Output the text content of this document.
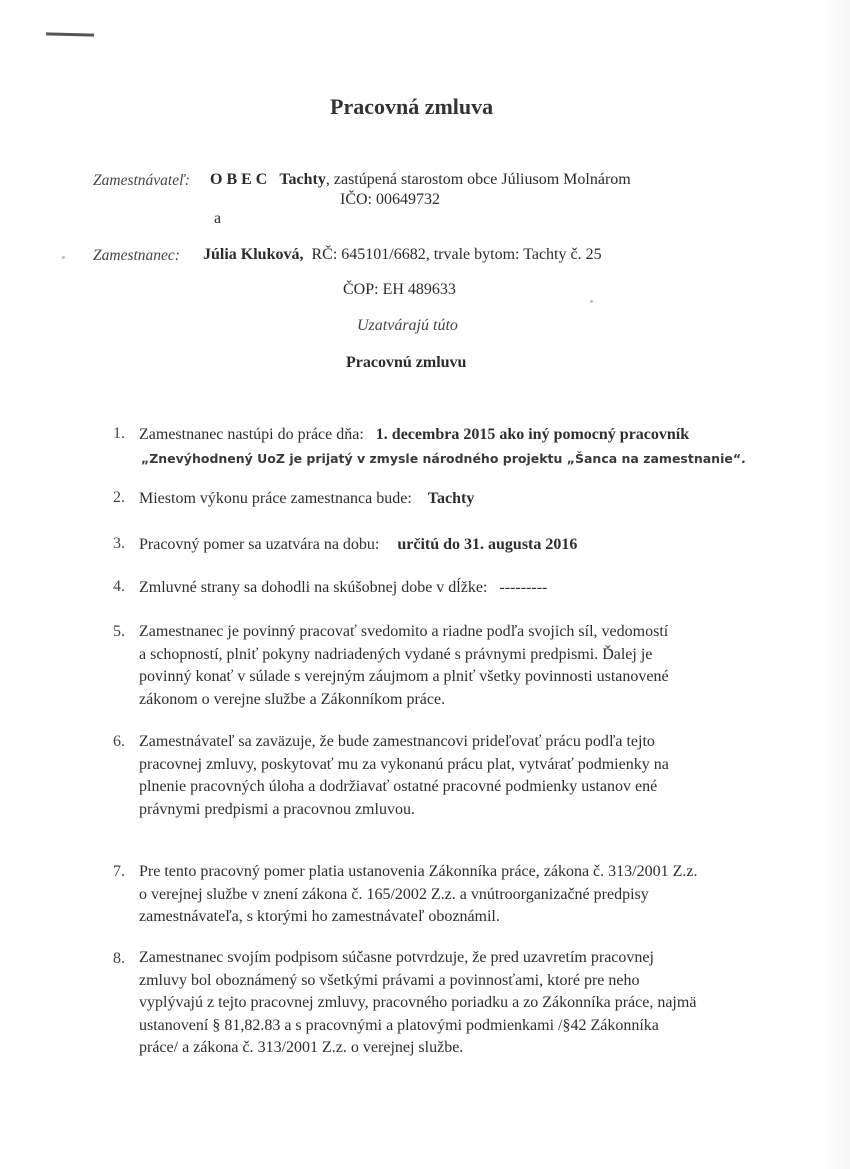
Pracovná zmluva
Zamestnávateľ: O B E C Tachty, zastúpená starostom obce Júliusom Molnárom
IČO: 00649732
a
Zamestnanec: Júlia Kluková, RČ: 645101/6682, trvale bytom: Tachty č. 25
ČOP: EH 489633
Uzatvárajú túto
Pracovnú zmluvu
1. Zamestnanec nastúpi do práce dňa: 1. decembra 2015 ako iný pomocný pracovník
„Znevýhodnený UoZ je prijatý v zmysle národného projektu „Šanca na zamestnanie“.
2. Miestom výkonu práce zamestnanca bude: Tachty
3. Pracovný pomer sa uzatvára na dobu: určitú do 31. augusta 2016
4. Zmluvné strany sa dohodli na skúšobnej dobe v dĺžke: ---------
5. Zamestnanec je povinný pracovať svedomito a riadne podľa svojich síl, vedomostí
a schopností, plniť pokyny nadriadených vydané s právnymi predpismi. Ďalej je
povinný konať v súlade s verejným záujmom a plniť všetky povinnosti ustanovené
zákonom o verejne službe a Zákonníkom práce.
6. Zamestnávateľ sa zaväzuje, že bude zamestnancovi prideľovať prácu podľa tejto
pracovnej zmluvy, poskytovať mu za vykonanú prácu plat, vytvárať podmienky na
plnenie pracovných úloha a dodržiavať ostatné pracovné podmienky ustanov ené
právnymi predpismi a pracovnou zmluvou.
7. Pre tento pracovný pomer platia ustanovenia Zákonníka práce, zákona č. 313/2001 Z.z.
o verejnej službe v znení zákona č. 165/2002 Z.z. a vnútroorganizačné predpisy
zamestnávateľa, s ktorými ho zamestnávateľ oboznámil.
8. Zamestnanec svojím podpisom súčasne potvrdzuje, že pred uzavretím pracovnej
zmluvy bol oboznámený so všetkými právami a povinnosťami, ktoré pre neho
vyplývajú z tejto pracovnej zmluvy, pracovného poriadku a zo Zákonníka práce, najmä
ustanovení § 81,82.83 a s pracovnými a platovými podmienkami /§42 Zákonníka
práce/ a zákona č. 313/2001 Z.z. o verejnej službe.
